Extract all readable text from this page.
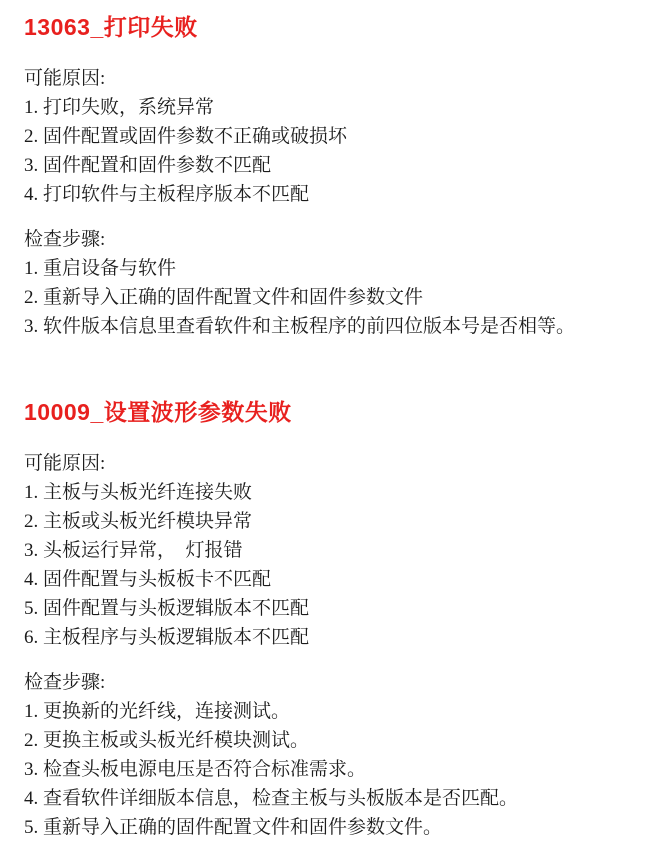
13063_打印失败
可能原因:
1. 打印失败，系统异常
2. 固件配置或固件参数不正确或破损坏
3. 固件配置和固件参数不匹配
4. 打印软件与主板程序版本不匹配
检查步骤:
1. 重启设备与软件
2. 重新导入正确的固件配置文件和固件参数文件
3. 软件版本信息里查看软件和主板程序的前四位版本号是否相等。
10009_设置波形参数失败
可能原因:
1. 主板与头板光纤连接失败
2. 主板或头板光纤模块异常
3. 头板运行异常，　灯报错
4. 固件配置与头板板卡不匹配
5. 固件配置与头板逻辑版本不匹配
6. 主板程序与头板逻辑版本不匹配
检查步骤:
1. 更换新的光纤线，连接测试。
2. 更换主板或头板光纤模块测试。
3. 检查头板电源电压是否符合标准需求。
4. 查看软件详细版本信息，检查主板与头板版本是否匹配。
5. 重新导入正确的固件配置文件和固件参数文件。
